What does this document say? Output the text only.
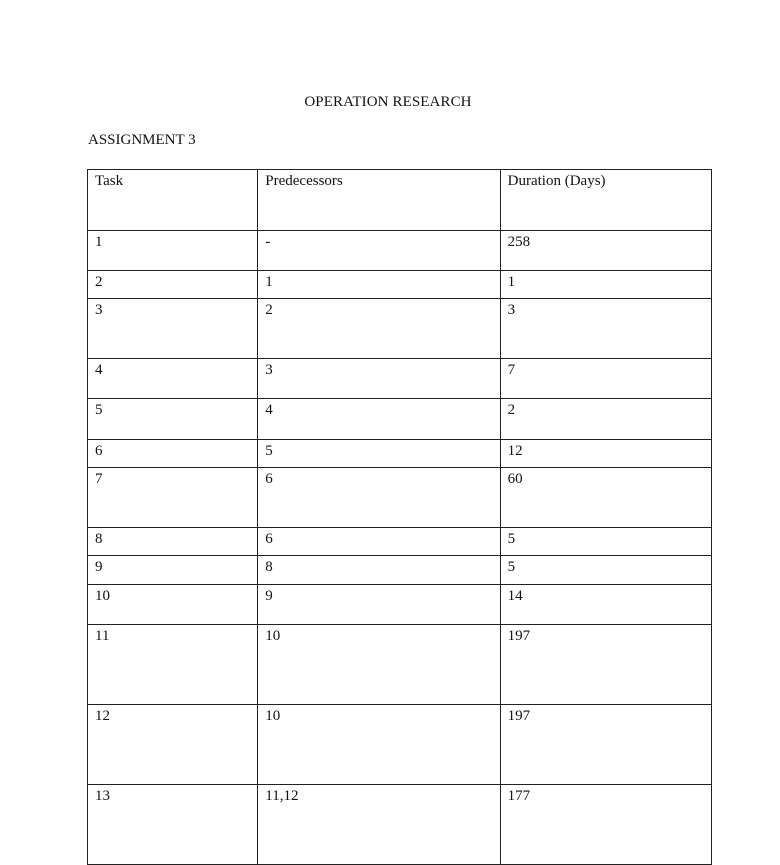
OPERATION RESEARCH
ASSIGNMENT 3
Task	Predecessors	Duration (Days)
1	-	258
2	1	1
3	2	3
4	3	7
5	4	2
6	5	12
7	6	60
8	6	5
9	8	5
10	9	14
11	10	197
12	10	197
13	11,12	177
